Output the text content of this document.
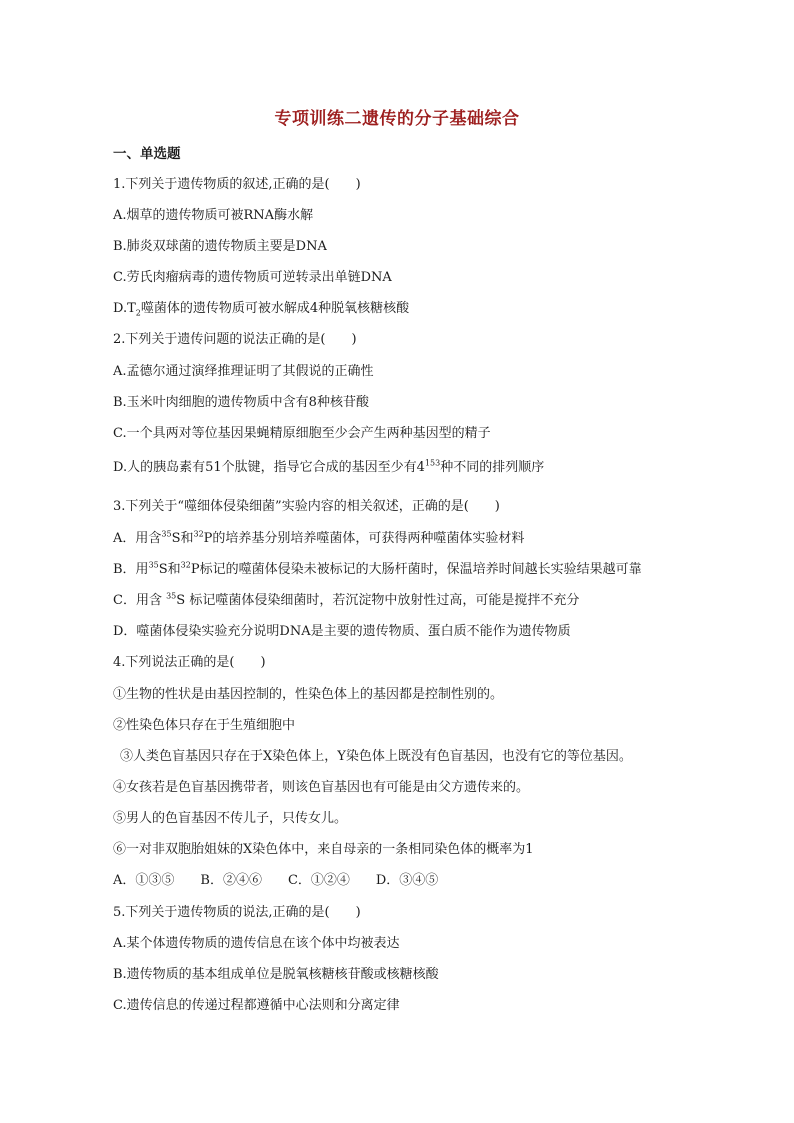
专项训练二遗传的分子基础综合
一、单选题
1.下列关于遗传物质的叙述,正确的是(　　)
A.烟草的遗传物质可被RNA酶水解
B.肺炎双球菌的遗传物质主要是DNA
C.劳氏肉瘤病毒的遗传物质可逆转录出单链DNA
$D.T_2$噬菌体的遗传物质可被水解成4种脱氧核糖核酸
2.下列关于遗传问题的说法正确的是(　　)
A.孟德尔通过演绎推理证明了其假说的正确性
B.玉米叶肉细胞的遗传物质中含有8种核苷酸
C.一个具两对等位基因果蝇精原细胞至少会产生两种基因型的精子
D.人的胰岛素有51个肽键，指导它合成的基因至少有$4^{153}$种不同的排列顺序
3.下列关于“噬细体侵染细菌”实验内容的相关叙述，正确的是(　　)
A．用含$^{35}$S和$^{32}$P的培养基分别培养噬菌体，可获得两种噬菌体实验材料
B．用$^{35}$S和$^{32}$P标记的噬菌体侵染未被标记的大肠杆菌时，保温培养时间越长实验结果越可靠
C．用含 $^{35}$S 标记噬菌体侵染细菌时，若沉淀物中放射性过高，可能是搅拌不充分
D．噬菌体侵染实验充分说明DNA是主要的遗传物质、蛋白质不能作为遗传物质
4.下列说法正确的是(　　)
①生物的性状是由基因控制的，性染色体上的基因都是控制性别的。
②性染色体只存在于生殖细胞中
③人类色盲基因只存在于X染色体上，Y染色体上既没有色盲基因，也没有它的等位基因。
④女孩若是色盲基因携带者，则该色盲基因也有可能是由父方遗传来的。
⑤男人的色盲基因不传儿子，只传女儿。
⑥一对非双胞胎姐妹的X染色体中，来自母亲的一条相同染色体的概率为1
A．①③⑤　　B．②④⑥　　C．①②④　　D．③④⑤
5.下列关于遗传物质的说法,正确的是(　　)
A.某个体遗传物质的遗传信息在该个体中均被表达
B.遗传物质的基本组成单位是脱氧核糖核苷酸或核糖核酸
C.遗传信息的传递过程都遵循中心法则和分离定律
